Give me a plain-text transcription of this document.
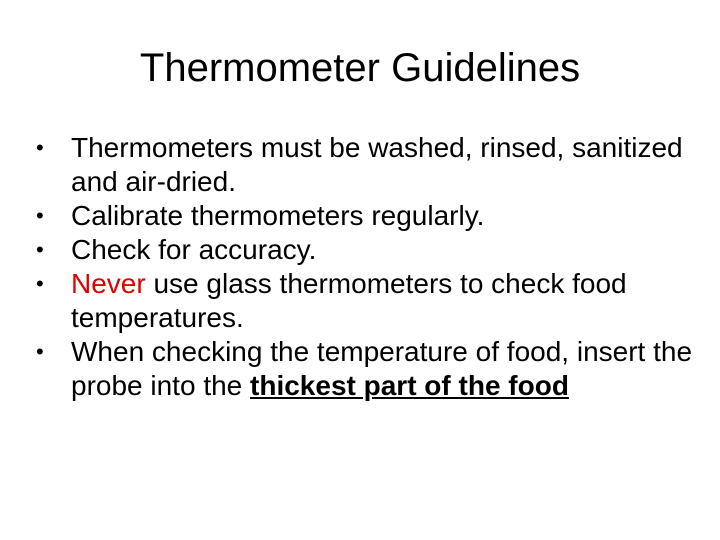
Thermometer Guidelines
• Thermometers must be washed, rinsed, sanitized and air-dried.
• Calibrate thermometers regularly.
• Check for accuracy.
• Never use glass thermometers to check food temperatures.
• When checking the temperature of food, insert the probe into the thickest part of the food
